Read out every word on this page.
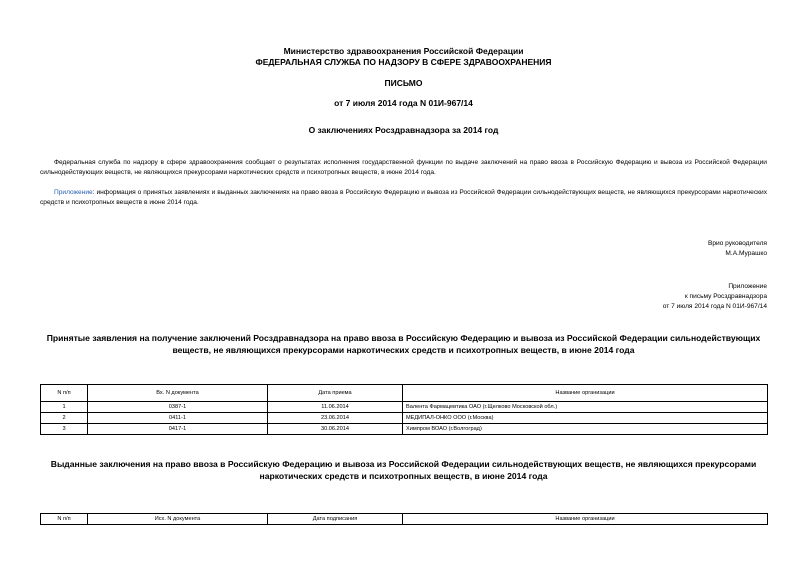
Министерство здравоохранения Российской Федерации
ФЕДЕРАЛЬНАЯ СЛУЖБА ПО НАДЗОРУ В СФЕРЕ ЗДРАВООХРАНЕНИЯ
ПИСЬМО
от 7 июля 2014 года N 01И-967/14
О заключениях Росздравнадзора за 2014 год
Федеральная служба по надзору в сфере здравоохранения сообщает о результатах исполнения государственной функции по выдаче заключений на право ввоза в Российскую Федерацию и вывоза из Российской Федерации сильнодействующих веществ, не являющихся прекурсорами наркотических средств и психотропных веществ, в июне 2014 года.
Приложение: информация о принятых заявлениях и выданных заключениях на право ввоза в Российскую Федерацию и вывоза из Российской Федерации сильнодействующих веществ, не являющихся прекурсорами наркотических средств и психотропных веществ в июне 2014 года.
Врио руководителя
М.А.Мурашко
Приложение
к письму Росздравнадзора
от 7 июля 2014 года N 01И-967/14
Принятые заявления на получение заключений Росздравнадзора на право ввоза в Российскую Федерацию и вывоза из Российской Федерации сильнодействующих веществ, не являющихся прекурсорами наркотических средств и психотропных веществ, в июне 2014 года
N п/п	Вх. N документа	Дата приема	Название организации
1	0387-1	11.06.2014	Валента Фармацевтика ОАО (г.Щелково Московской обл.)
2	0411-1	23.06.2014	МЕДИПАЛ-ОНКО ООО (г.Москва)
3	0417-1	30.06.2014	Химпром ВОАО (г.Волгоград)
Выданные заключения на право ввоза в Российскую Федерацию и вывоза из Российской Федерации сильнодействующих веществ, не являющихся прекурсорами наркотических средств и психотропных веществ, в июне 2014 года
N п/п	Исх. N документа	Дата подписания	Название организации
